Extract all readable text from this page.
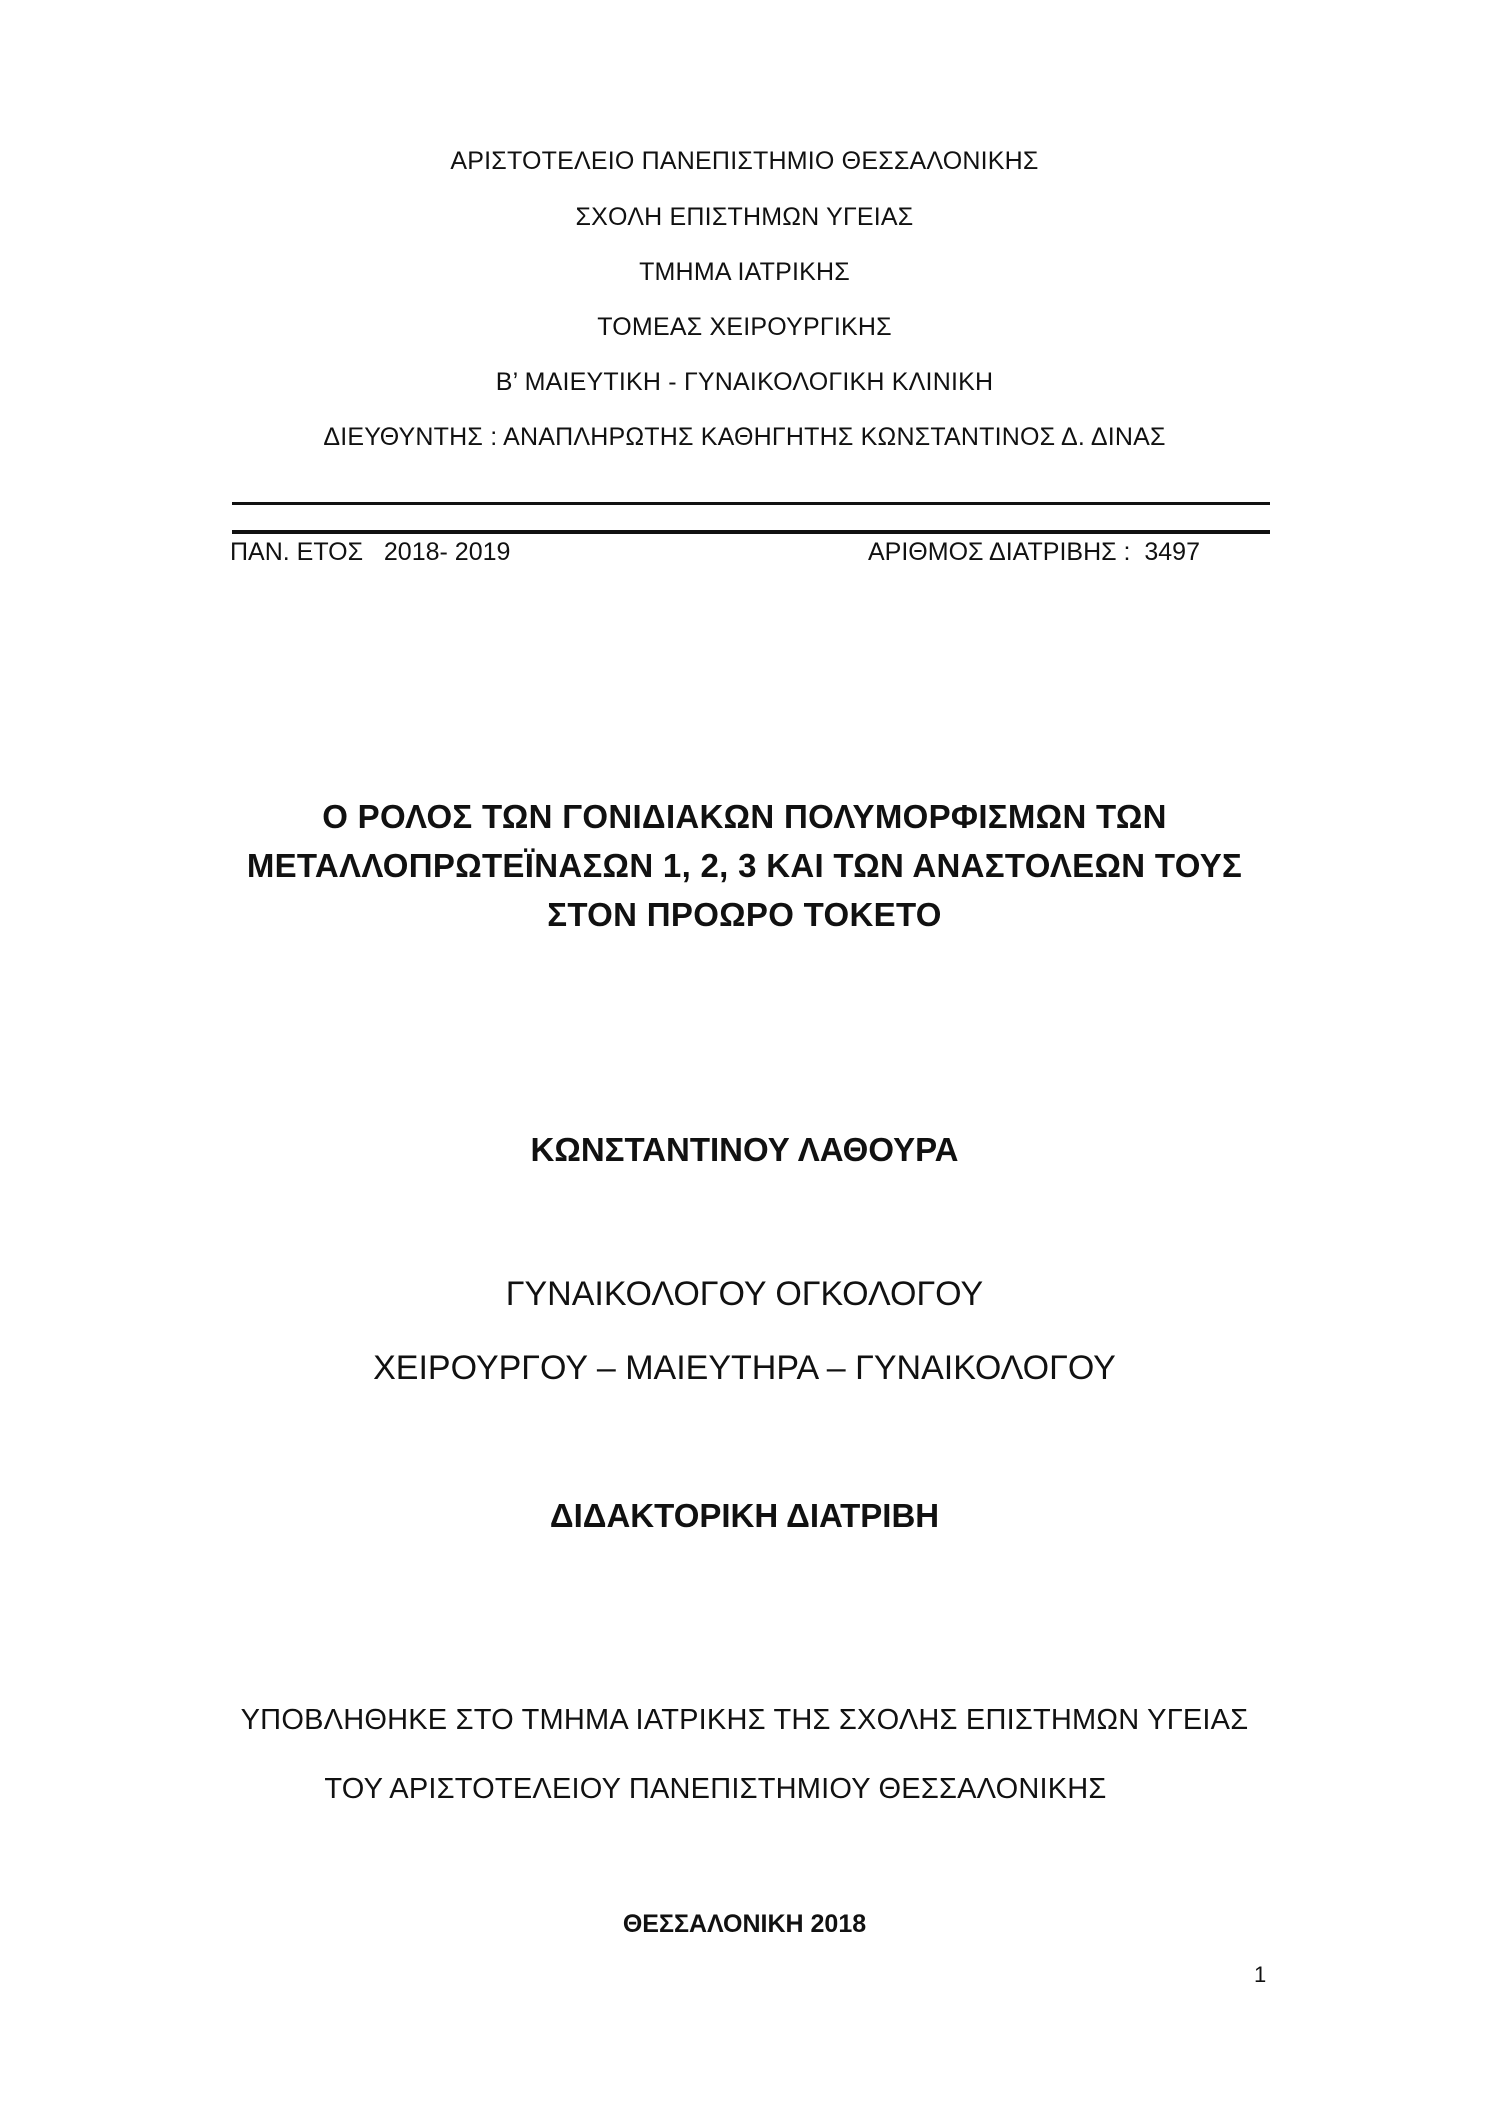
ΑΡΙΣΤΟΤΕΛΕΙΟ ΠΑΝΕΠΙΣΤΗΜΙΟ ΘΕΣΣΑΛΟΝΙΚΗΣ
ΣΧΟΛΗ ΕΠΙΣΤΗΜΩΝ ΥΓΕΙΑΣ
ΤΜΗΜΑ ΙΑΤΡΙΚΗΣ
ΤΟΜΕΑΣ ΧΕΙΡΟΥΡΓΙΚΗΣ
Β’ ΜΑΙΕΥΤΙΚΗ - ΓΥΝΑΙΚΟΛΟΓΙΚΗ ΚΛΙΝΙΚΗ
ΔΙΕΥΘΥΝΤΗΣ : ΑΝΑΠΛΗΡΩΤΗΣ ΚΑΘΗΓΗΤΗΣ ΚΩΝΣΤΑΝΤΙΝΟΣ Δ. ΔΙΝΑΣ
ΠΑΝ. ΕΤΟΣ   2018- 2019	ΑΡΙΘΜΟΣ ΔΙΑΤΡΙΒΗΣ :  3497
Ο ΡΟΛΟΣ ΤΩΝ ΓΟΝΙΔΙΑΚΩΝ ΠΟΛΥΜΟΡΦΙΣΜΩΝ ΤΩΝ
ΜΕΤΑΛΛΟΠΡΩΤΕΪΝΑΣΩΝ 1, 2, 3 ΚΑΙ ΤΩΝ ΑΝΑΣΤΟΛΕΩΝ ΤΟΥΣ
ΣΤΟΝ ΠΡΟΩΡΟ ΤΟΚΕΤΟ
ΚΩΝΣΤΑΝΤΙΝΟΥ ΛΑΘΟΥΡΑ
ΓΥΝΑΙΚΟΛΟΓΟΥ ΟΓΚΟΛΟΓΟΥ
ΧΕΙΡΟΥΡΓΟΥ – ΜΑΙΕΥΤΗΡΑ – ΓΥΝΑΙΚΟΛΟΓΟΥ
ΔΙΔΑΚΤΟΡΙΚΗ ΔΙΑΤΡΙΒΗ
ΥΠΟΒΛΗΘΗΚΕ ΣΤΟ ΤΜΗΜΑ ΙΑΤΡΙΚΗΣ ΤΗΣ ΣΧΟΛΗΣ ΕΠΙΣΤΗΜΩΝ ΥΓΕΙΑΣ
ΤΟΥ ΑΡΙΣΤΟΤΕΛΕΙΟΥ ΠΑΝΕΠΙΣΤΗΜΙΟΥ ΘΕΣΣΑΛΟΝΙΚΗΣ
ΘΕΣΣΑΛΟΝΙΚΗ 2018
1
